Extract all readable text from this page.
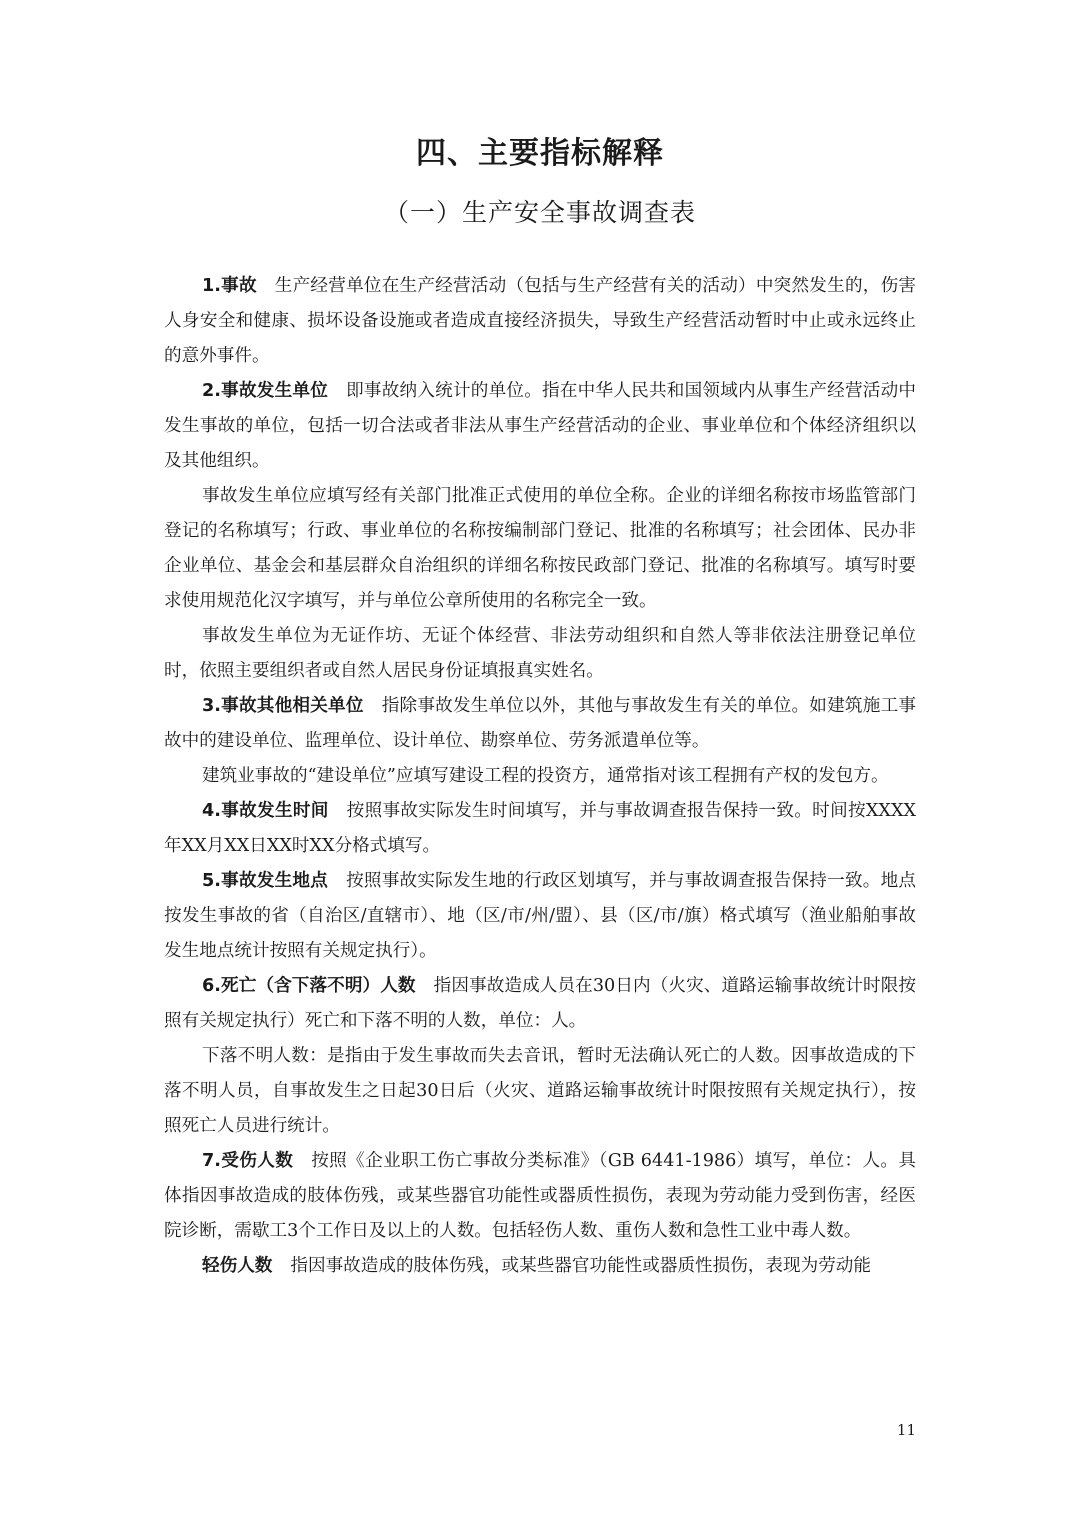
四、主要指标解释
（一）生产安全事故调查表

1.事故 生产经营单位在生产经营活动（包括与生产经营有关的活动）中突然发生的，伤害人身安全和健康、损坏设备设施或者造成直接经济损失，导致生产经营活动暂时中止或永远终止的意外事件。

2.事故发生单位 即事故纳入统计的单位。指在中华人民共和国领域内从事生产经营活动中发生事故的单位，包括一切合法或者非法从事生产经营活动的企业、事业单位和个体经济组织以及其他组织。

事故发生单位应填写经有关部门批准正式使用的单位全称。企业的详细名称按市场监管部门登记的名称填写；行政、事业单位的名称按编制部门登记、批准的名称填写；社会团体、民办非企业单位、基金会和基层群众自治组织的详细名称按民政部门登记、批准的名称填写。填写时要求使用规范化汉字填写，并与单位公章所使用的名称完全一致。

事故发生单位为无证作坊、无证个体经营、非法劳动组织和自然人等非依法注册登记单位时，依照主要组织者或自然人居民身份证填报真实姓名。

3.事故其他相关单位 指除事故发生单位以外，其他与事故发生有关的单位。如建筑施工事故中的建设单位、监理单位、设计单位、勘察单位、劳务派遣单位等。

建筑业事故的“建设单位”应填写建设工程的投资方，通常指对该工程拥有产权的发包方。

4.事故发生时间 按照事故实际发生时间填写，并与事故调查报告保持一致。时间按XXXX年XX月XX日XX时XX分格式填写。

5.事故发生地点 按照事故实际发生地的行政区划填写，并与事故调查报告保持一致。地点按发生事故的省（自治区/直辖市）、地（区/市/州/盟）、县（区/市/旗）格式填写（渔业船舶事故发生地点统计按照有关规定执行）。

6.死亡（含下落不明）人数 指因事故造成人员在30日内（火灾、道路运输事故统计时限按照有关规定执行）死亡和下落不明的人数，单位：人。

下落不明人数：是指由于发生事故而失去音讯，暂时无法确认死亡的人数。因事故造成的下落不明人员，自事故发生之日起30日后（火灾、道路运输事故统计时限按照有关规定执行），按照死亡人员进行统计。

7.受伤人数 按照《企业职工伤亡事故分类标准》（GB 6441-1986）填写，单位：人。具体指因事故造成的肢体伤残，或某些器官功能性或器质性损伤，表现为劳动能力受到伤害，经医院诊断，需歇工3个工作日及以上的人数。包括轻伤人数、重伤人数和急性工业中毒人数。

轻伤人数 指因事故造成的肢体伤残，或某些器官功能性或器质性损伤，表现为劳动能

11
